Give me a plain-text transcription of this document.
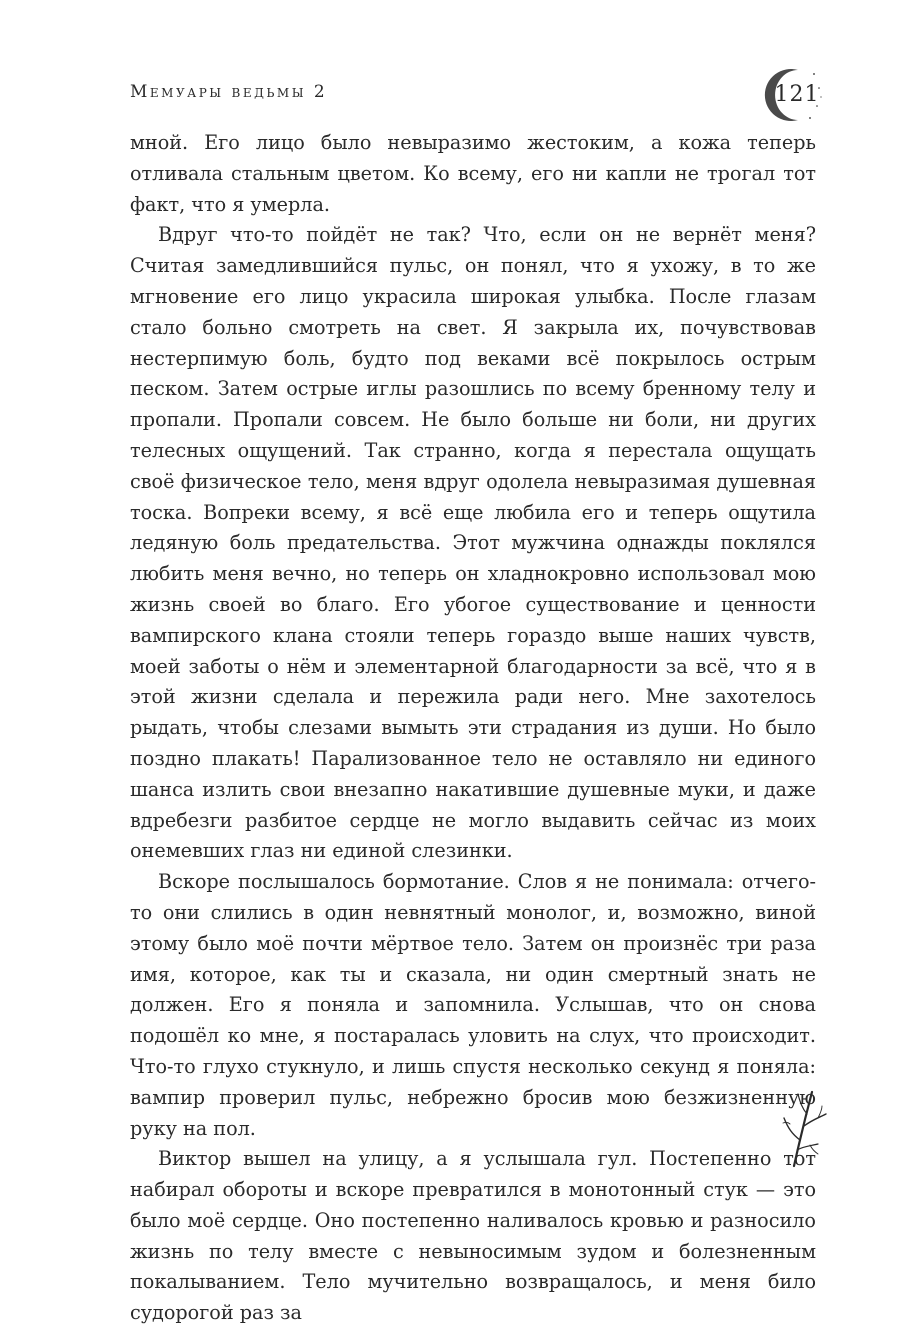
Мемуары ведьмы 2	121

мной. Его лицо было невыразимо жестоким, а кожа теперь отливала стальным цветом. Ко всему, его ни капли не трогал тот факт, что я умерла.

Вдруг что-то пойдёт не так? Что, если он не вернёт меня? Считая замедлившийся пульс, он понял, что я ухожу, в то же мгновение его лицо украсила широкая улыбка. После глазам стало больно смотреть на свет. Я закрыла их, почувствовав нестерпимую боль, будто под веками всё покрылось острым песком. Затем острые иглы разошлись по всему бренному телу и пропали. Пропали совсем. Не было больше ни боли, ни других телесных ощущений. Так странно, когда я перестала ощущать своё физическое тело, меня вдруг одолела невыразимая душевная тоска. Вопреки всему, я всё еще любила его и теперь ощутила ледяную боль предательства. Этот мужчина однажды поклялся любить меня вечно, но теперь он хладнокровно использовал мою жизнь своей во благо. Его убогое существование и ценности вампирского клана стояли теперь гораздо выше наших чувств, моей заботы о нём и элементарной благодарности за всё, что я в этой жизни сделала и пережила ради него. Мне захотелось рыдать, чтобы слезами вымыть эти страдания из души. Но было поздно плакать! Парализованное тело не оставляло ни единого шанса излить свои внезапно накатившие душевные муки, и даже вдребезги разбитое сердце не могло выдавить сейчас из моих онемевших глаз ни единой слезинки.

Вскоре послышалось бормотание. Слов я не понимала: отчего-то они слились в один невнятный монолог, и, возможно, виной этому было моё почти мёртвое тело. Затем он произнёс три раза имя, которое, как ты и сказала, ни один смертный знать не должен. Его я поняла и запомнила. Услышав, что он снова подошёл ко мне, я постаралась уловить на слух, что происходит. Что-то глухо стукнуло, и лишь спустя несколько секунд я поняла: вампир проверил пульс, небрежно бросив мою безжизненную руку на пол.

Виктор вышел на улицу, а я услышала гул. Постепенно тот набирал обороты и вскоре превратился в монотонный стук — это было моё сердце. Оно постепенно наливалось кровью и разносило жизнь по телу вместе с невыносимым зудом и болезненным покалыванием. Тело мучительно возвращалось, и меня било судорогой раз за
